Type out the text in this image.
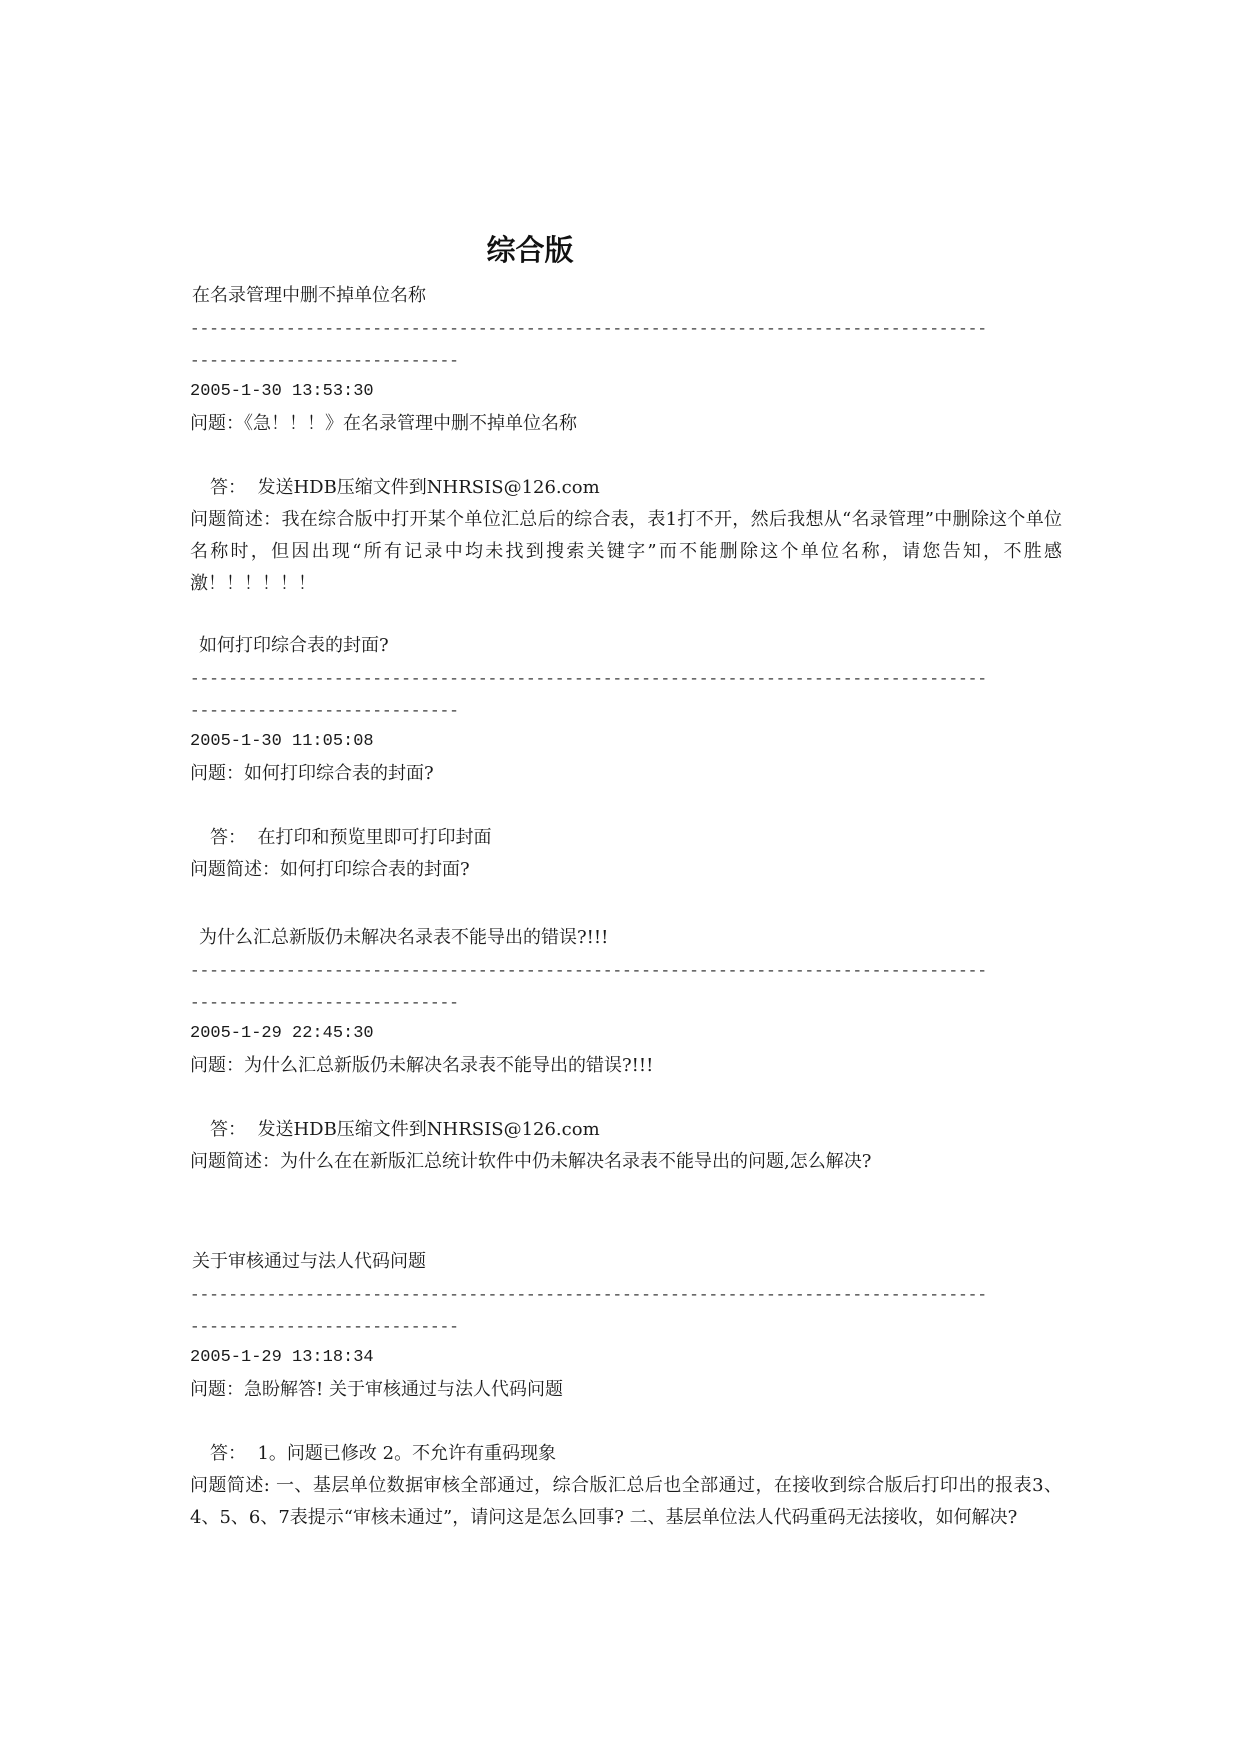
综合版
在名录管理中删不掉单位名称
-----------------------------------------------------------------------------------
----------------------------
2005-1-30 13:53:30
问题：《急！！！》在名录管理中删不掉单位名称
答：  发送HDB压缩文件到NHRSIS@126.com
问题简述：我在综合版中打开某个单位汇总后的综合表，表1打不开，然后我想从“名录管理”中删除这个单位名称时，但因出现“所有记录中均未找到搜索关键字”而不能删除这个单位名称，请您告知，不胜感激！！！！！！
如何打印综合表的封面?
-----------------------------------------------------------------------------------
----------------------------
2005-1-30 11:05:08
问题：如何打印综合表的封面?
答：  在打印和预览里即可打印封面
问题简述：如何打印综合表的封面?
为什么汇总新版仍未解决名录表不能导出的错误?!!!
-----------------------------------------------------------------------------------
----------------------------
2005-1-29 22:45:30
问题：为什么汇总新版仍未解决名录表不能导出的错误?!!!
答：  发送HDB压缩文件到NHRSIS@126.com
问题简述：为什么在在新版汇总统计软件中仍未解决名录表不能导出的问题,怎么解决?
关于审核通过与法人代码问题
-----------------------------------------------------------------------------------
----------------------------
2005-1-29 13:18:34
问题：急盼解答! 关于审核通过与法人代码问题
答：  1。问题已修改 2。不允许有重码现象
问题简述: 一、基层单位数据审核全部通过，综合版汇总后也全部通过，在接收到综合版后打印出的报表3、4、5、6、7表提示“审核未通过”，请问这是怎么回事? 二、基层单位法人代码重码无法接收，如何解决?
